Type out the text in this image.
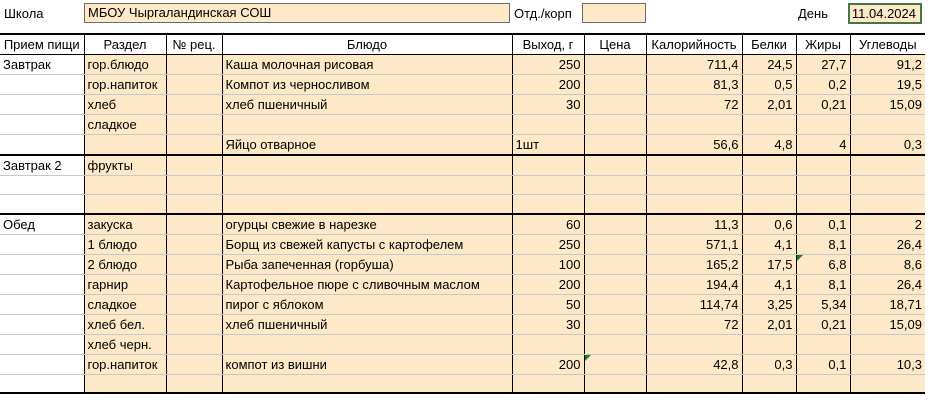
Школа	МБОУ Чыргаландинская СОШ	Отд./корп	День 11.04.2024
Прием пищи	Раздел	№ рец.	Блюдо	Выход, г	Цена	Калорийность	Белки	Жиры	Углеводы
Завтрак	гор.блюдо		Каша молочная рисовая	250		711,4	24,5	27,7	91,2
	гор.напиток		Компот из черносливом	200		81,3	0,5	0,2	19,5
	хлеб		хлеб пшеничный	30		72	2,01	0,21	15,09
	сладкое								
			Яйцо отварное	1шт		56,6	4,8	4	0,3
Завтрак 2	фрукты								

Обед	закуска		огурцы свежие в нарезке	60		11,3	0,6	0,1	2
	1 блюдо		Борщ из свежей капусты с картофелем	250		571,1	4,1	8,1	26,4
	2 блюдо		Рыба запеченная (горбуша)	100		165,2	17,5	6,8	8,6
	гарнир		Картофельное пюре с сливочным маслом	200		194,4	4,1	8,1	26,4
	сладкое		пирог с яблоком	50		114,74	3,25	5,34	18,71
	хлеб бел.		хлеб пшеничный	30		72	2,01	0,21	15,09
	хлеб черн.								
	гор.напиток		компот из вишни	200		42,8	0,3	0,1	10,3
